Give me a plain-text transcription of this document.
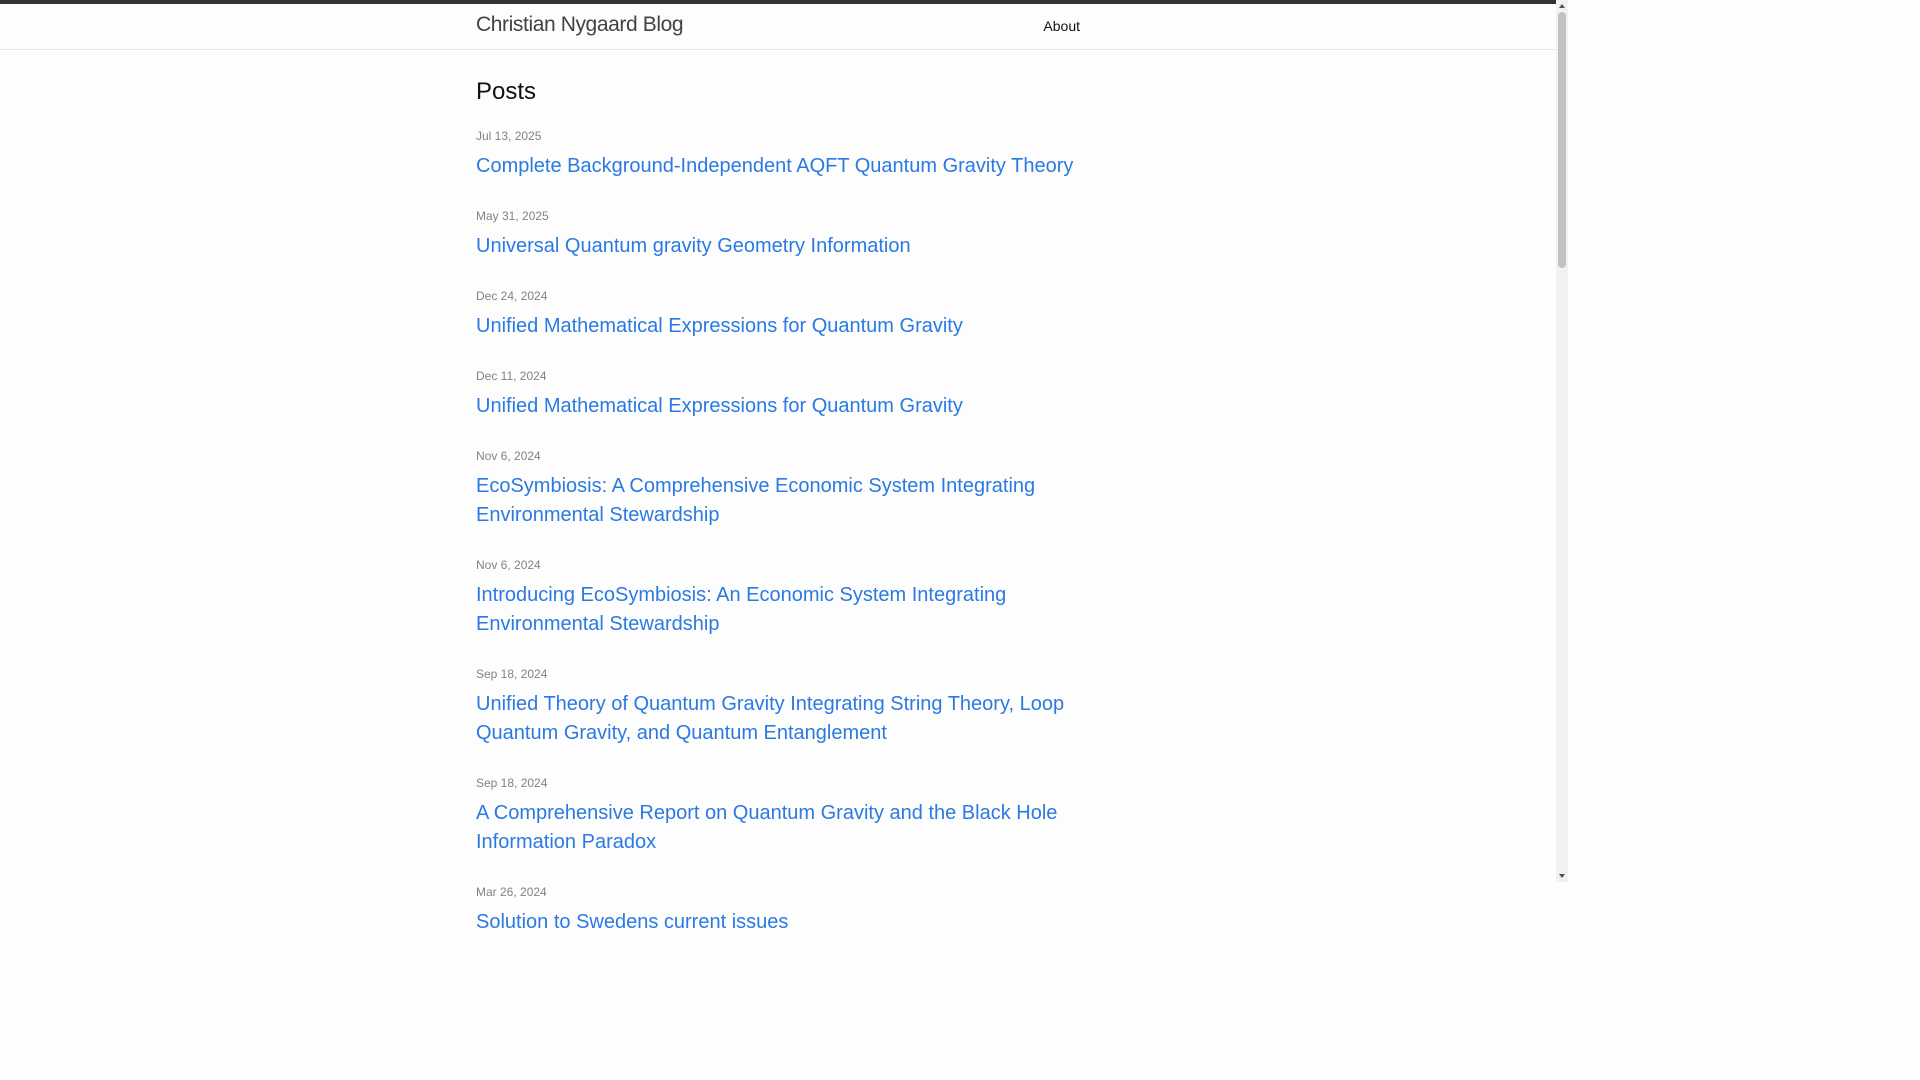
Christian Nygaard Blog	About
Posts
Jul 13, 2025
Complete Background-Independent AQFT Quantum Gravity Theory
May 31, 2025
Universal Quantum gravity Geometry Information
Dec 24, 2024
Unified Mathematical Expressions for Quantum Gravity
Dec 11, 2024
Unified Mathematical Expressions for Quantum Gravity
Nov 6, 2024
EcoSymbiosis: A Comprehensive Economic System Integrating Environmental Stewardship
Nov 6, 2024
Introducing EcoSymbiosis: An Economic System Integrating Environmental Stewardship
Sep 18, 2024
Unified Theory of Quantum Gravity Integrating String Theory, Loop Quantum Gravity, and Quantum Entanglement
Sep 18, 2024
A Comprehensive Report on Quantum Gravity and the Black Hole Information Paradox
Mar 26, 2024
Solution to Swedens current issues
